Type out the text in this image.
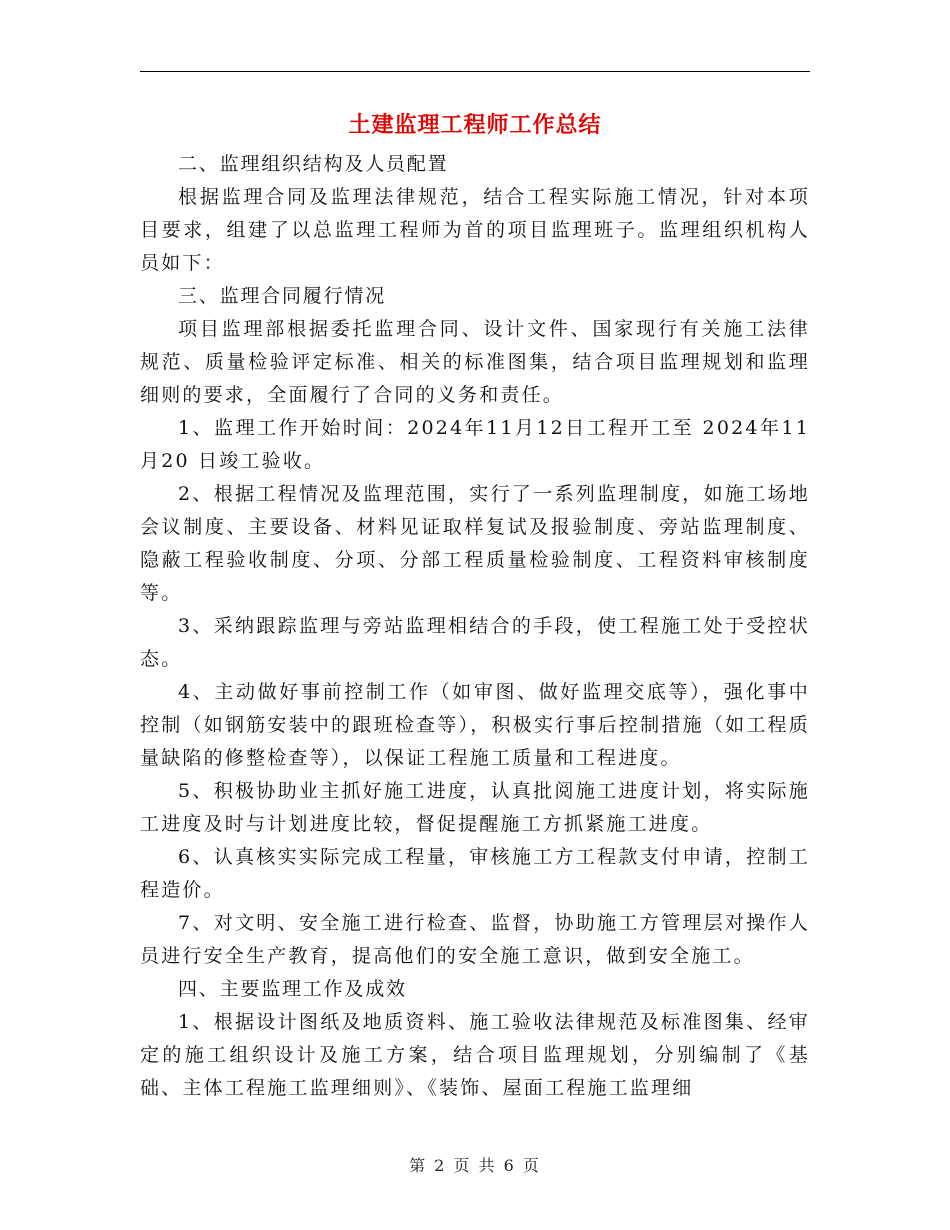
土建监理工程师工作总结

二、监理组织结构及人员配置

根据监理合同及监理法律规范，结合工程实际施工情况，针对本项目要求，组建了以总监理工程师为首的项目监理班子。监理组织机构人员如下：

三、监理合同履行情况

项目监理部根据委托监理合同、设计文件、国家现行有关施工法律规范、质量检验评定标准、相关的标准图集，结合项目监理规划和监理细则的要求，全面履行了合同的义务和责任。

1、监理工作开始时间：2024年11月12日工程开工至 2024年11月20 日竣工验收。

2、根据工程情况及监理范围，实行了一系列监理制度，如施工场地会议制度、主要设备、材料见证取样复试及报验制度、旁站监理制度、隐蔽工程验收制度、分项、分部工程质量检验制度、工程资料审核制度等。

3、采纳跟踪监理与旁站监理相结合的手段，使工程施工处于受控状态。

4、主动做好事前控制工作（如审图、做好监理交底等），强化事中控制（如钢筋安装中的跟班检查等），积极实行事后控制措施（如工程质量缺陷的修整检查等），以保证工程施工质量和工程进度。

5、积极协助业主抓好施工进度，认真批阅施工进度计划，将实际施工进度及时与计划进度比较，督促提醒施工方抓紧施工进度。

6、认真核实实际完成工程量，审核施工方工程款支付申请，控制工程造价。

7、对文明、安全施工进行检查、监督，协助施工方管理层对操作人员进行安全生产教育，提高他们的安全施工意识，做到安全施工。

四、主要监理工作及成效

1、根据设计图纸及地质资料、施工验收法律规范及标准图集、经审定的施工组织设计及施工方案，结合项目监理规划，分别编制了《基础、主体工程施工监理细则》、《装饰、屋面工程施工监理细

第 2 页 共 6 页
